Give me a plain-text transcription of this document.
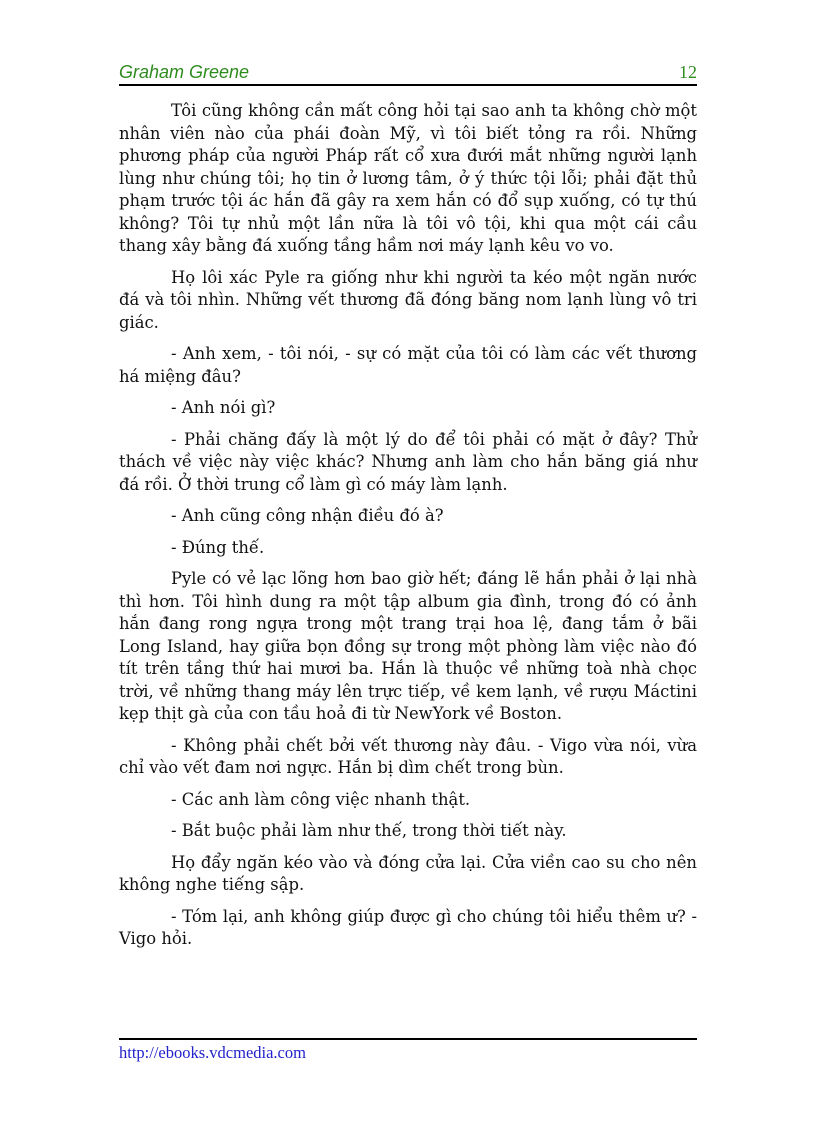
Graham Greene	12

Tôi cũng không cần mất công hỏi tại sao anh ta không chờ một nhân viên nào của phái đoàn Mỹ, vì tôi biết tỏng ra rồi. Những phương pháp của người Pháp rất cổ xưa đưới mắt những người lạnh lùng như chúng tôi; họ tin ở lương tâm, ở ý thức tội lỗi; phải đặt thủ phạm trước tội ác hắn đã gây ra xem hắn có đổ sụp xuống, có tự thú không? Tôi tự nhủ một lần nữa là tôi vô tội, khi qua một cái cầu thang xây bằng đá xuống tầng hầm nơi máy lạnh kêu vo vo.

Họ lôi xác Pyle ra giống như khi người ta kéo một ngăn nước đá và tôi nhìn. Những vết thương đã đóng băng nom lạnh lùng vô tri giác.

- Anh xem, - tôi nói, - sự có mặt của tôi có làm các vết thương há miệng đâu?

- Anh nói gì?

- Phải chăng đấy là một lý do để tôi phải có mặt ở đây? Thử thách về việc này việc khác? Nhưng anh làm cho hắn băng giá như đá rồi. Ở thời trung cổ làm gì có máy làm lạnh.

- Anh cũng công nhận điều đó à?

- Đúng thế.

Pyle có vẻ lạc lõng hơn bao giờ hết; đáng lẽ hắn phải ở lại nhà thì hơn. Tôi hình dung ra một tập album gia đình, trong đó có ảnh hắn đang rong ngựa trong một trang trại hoa lệ, đang tắm ở bãi Long Island, hay giữa bọn đồng sự trong một phòng làm việc nào đó tít trên tầng thứ hai mươi ba. Hắn là thuộc về những toà nhà chọc trời, về những thang máy lên trực tiếp, về kem lạnh, về rượu Máctini kẹp thịt gà của con tầu hoả đi từ NewYork về Boston.

- Không phải chết bởi vết thương này đâu. - Vigo vừa nói, vừa chỉ vào vết đam nơi ngực. Hắn bị dìm chết trong bùn.

- Các anh làm công việc nhanh thật.

- Bắt buộc phải làm như thế, trong thời tiết này.

Họ đẩy ngăn kéo vào và đóng cửa lại. Cửa viền cao su cho nên không nghe tiếng sập.

- Tóm lại, anh không giúp được gì cho chúng tôi hiểu thêm ư? - Vigo hỏi.

http://ebooks.vdcmedia.com
